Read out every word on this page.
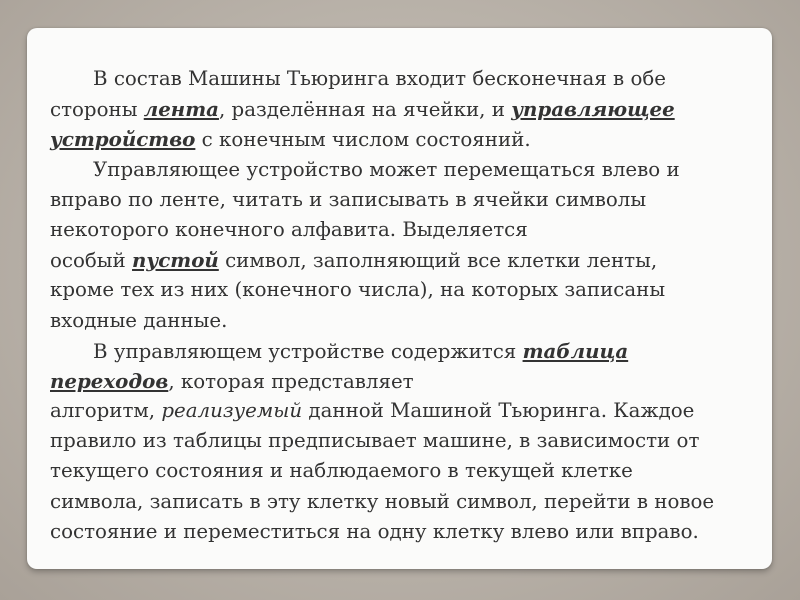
В состав Машины Тьюринга входит бесконечная в обе
стороны лента, разделённая на ячейки, и управляющее
устройство с конечным числом состояний.
Управляющее устройство может перемещаться влево и
вправо по ленте, читать и записывать в ячейки символы
некоторого конечного алфавита. Выделяется
особый пустой символ, заполняющий все клетки ленты,
кроме тех из них (конечного числа), на которых записаны
входные данные.
В управляющем устройстве содержится таблица
переходов, которая представляет
алгоритм, реализуемый данной Машиной Тьюринга. Каждое
правило из таблицы предписывает машине, в зависимости от
текущего состояния и наблюдаемого в текущей клетке
символа, записать в эту клетку новый символ, перейти в новое
состояние и переместиться на одну клетку влево или вправо.
